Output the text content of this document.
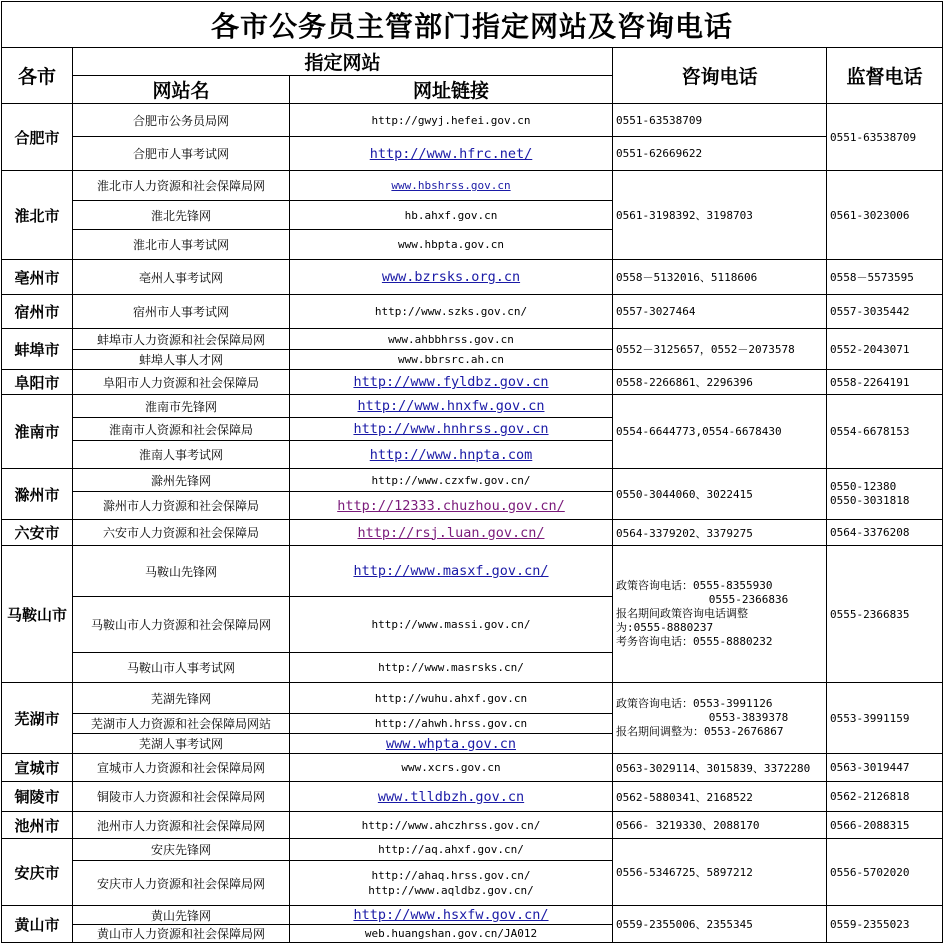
各市公务员主管部门指定网站及咨询电话				
各市	指定网站		咨询电话	监督电话
	网站名	网址链接		
合肥市	合肥市公务员局网	http://gwyj.hefei.gov.cn	0551-63538709	0551-63538709
	合肥市人事考试网	http://www.hfrc.net/	0551-62669622	
淮北市	淮北市人力资源和社会保障局网	www.hbshrss.gov.cn	0561-3198392、3198703	0561-3023006
	淮北先锋网	hb.ahxf.gov.cn		
	淮北市人事考试网	www.hbpta.gov.cn		
亳州市	亳州人事考试网	www.bzrsks.org.cn	0558－5132016、5118606	0558－5573595
宿州市	宿州市人事考试网	http://www.szks.gov.cn/	0557-3027464	0557-3035442
蚌埠市	蚌埠市人力资源和社会保障局网	www.ahbbhrss.gov.cn	0552－3125657，0552－2073578	0552-2043071
	蚌埠人事人才网	www.bbrsrc.ah.cn		
阜阳市	阜阳市人力资源和社会保障局	http://www.fyldbz.gov.cn	0558-2266861、2296396	0558-2264191
淮南市	淮南市先锋网	http://www.hnxfw.gov.cn	0554-6644773,0554-6678430	0554-6678153
	淮南市人资源和社会保障局	http://www.hnhrss.gov.cn		
	淮南人事考试网	http://www.hnpta.com		
滁州市	滁州先锋网	http://www.czxfw.gov.cn/	0550-3044060、3022415	0550-12380
0550-3031818

	滁州市人力资源和社会保障局	http://12333.chuzhou.gov.cn/		
六安市	六安市人力资源和社会保障局	http://rsj.luan.gov.cn/	0564-3379202、3379275	0564-3376208
马鞍山市	马鞍山先锋网	http://www.masxf.gov.cn/	政策咨询电话：0555-8355930
0555-2366836
报名期间政策咨询电话调整
为:0555-8880237
考务咨询电话：0555-8880232	0555-2366835
	马鞍山市人力资源和社会保障局网	http://www.massi.gov.cn/		
	马鞍山市人事考试网	http://www.masrsks.cn/		
芜湖市	芜湖先锋网	http://wuhu.ahxf.gov.cn	政策咨询电话：0553-3991126
0553-3839378
报名期间调整为：0553-2676867	0553-3991159
	芜湖市人力资源和社会保障局网站	http://ahwh.hrss.gov.cn		
	芜湖人事考试网	www.whpta.gov.cn		
宣城市	宣城市人力资源和社会保障局网	www.xcrs.gov.cn	0563-3029114、3015839、3372280	0563-3019447
铜陵市	铜陵市人力资源和社会保障局网	www.tlldbzh.gov.cn	0562-5880341、2168522	0562-2126818
池州市	池州市人力资源和社会保障局网	http://www.ahczhrss.gov.cn/	0566- 3219330、2088170	0566-2088315
安庆市	安庆先锋网	http://aq.ahxf.gov.cn/	0556-5346725、5897212	0556-5702020
	安庆市人力资源和社会保障局网	http://ahaq.hrss.gov.cn/
http://www.aqldbz.gov.cn/		

黄山市	黄山先锋网	http://www.hsxfw.gov.cn/	0559-2355006、2355345	0559-2355023
	黄山市人力资源和社会保障局网	web.huangshan.gov.cn/JA012		
